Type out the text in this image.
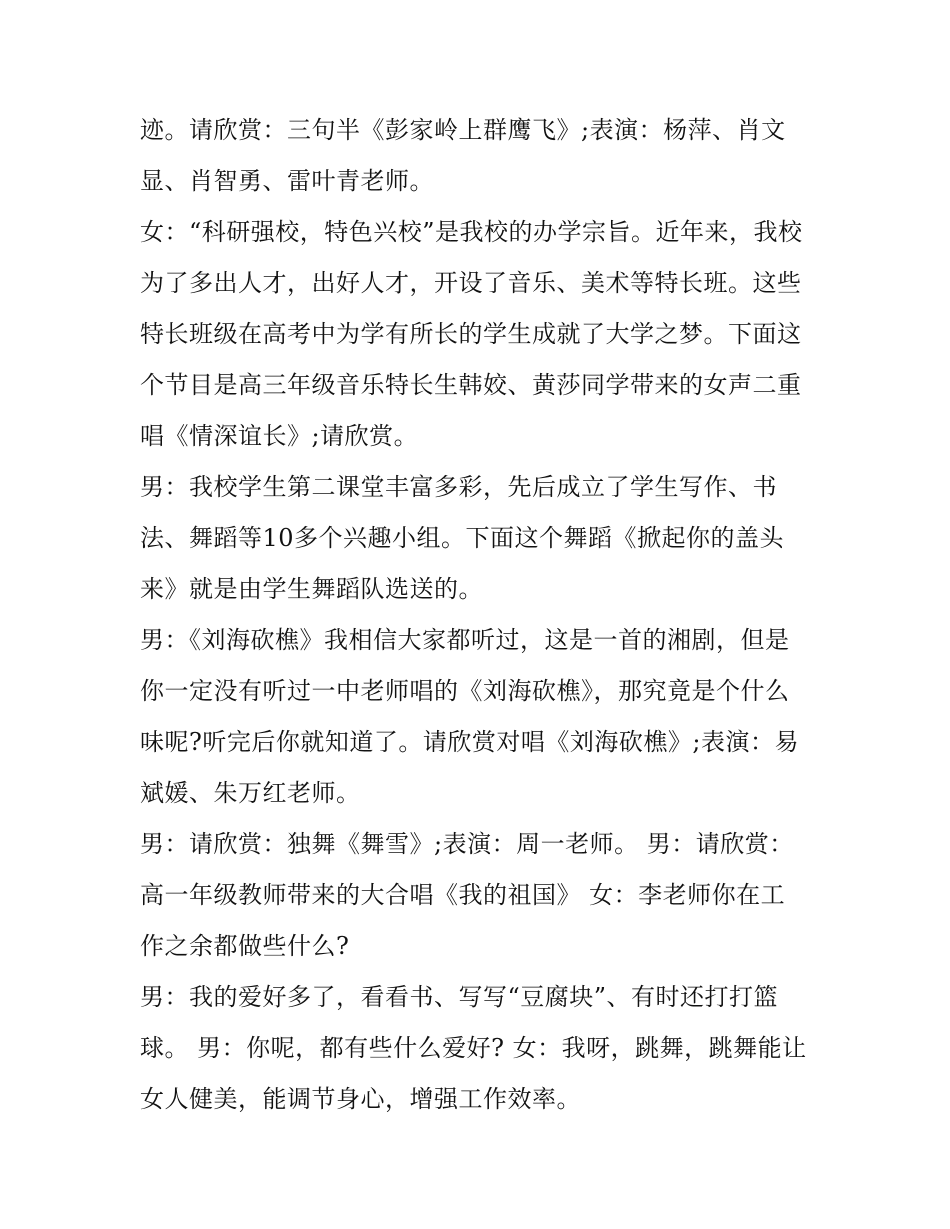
迹。请欣赏：三句半《彭家岭上群鹰飞》;表演：杨萍、肖文
显、肖智勇、雷叶青老师。
女：“科研强校，特色兴校”是我校的办学宗旨。近年来，我校
为了多出人才，出好人才，开设了音乐、美术等特长班。这些
特长班级在高考中为学有所长的学生成就了大学之梦。下面这
个节目是高三年级音乐特长生韩姣、黄莎同学带来的女声二重
唱《情深谊长》;请欣赏。
男：我校学生第二课堂丰富多彩，先后成立了学生写作、书
法、舞蹈等10多个兴趣小组。下面这个舞蹈《掀起你的盖头
来》就是由学生舞蹈队选送的。
男：《刘海砍樵》我相信大家都听过，这是一首的湘剧，但是
你一定没有听过一中老师唱的《刘海砍樵》，那究竟是个什么
味呢?听完后你就知道了。请欣赏对唱《刘海砍樵》;表演：易
斌媛、朱万红老师。
男：请欣赏：独舞《舞雪》;表演：周一老师。 男：请欣赏：
高一年级教师带来的大合唱《我的祖国》 女：李老师你在工
作之余都做些什么?
男：我的爱好多了，看看书、写写“豆腐块”、有时还打打篮
球。 男：你呢，都有些什么爱好? 女：我呀，跳舞，跳舞能让
女人健美，能调节身心，增强工作效率。
